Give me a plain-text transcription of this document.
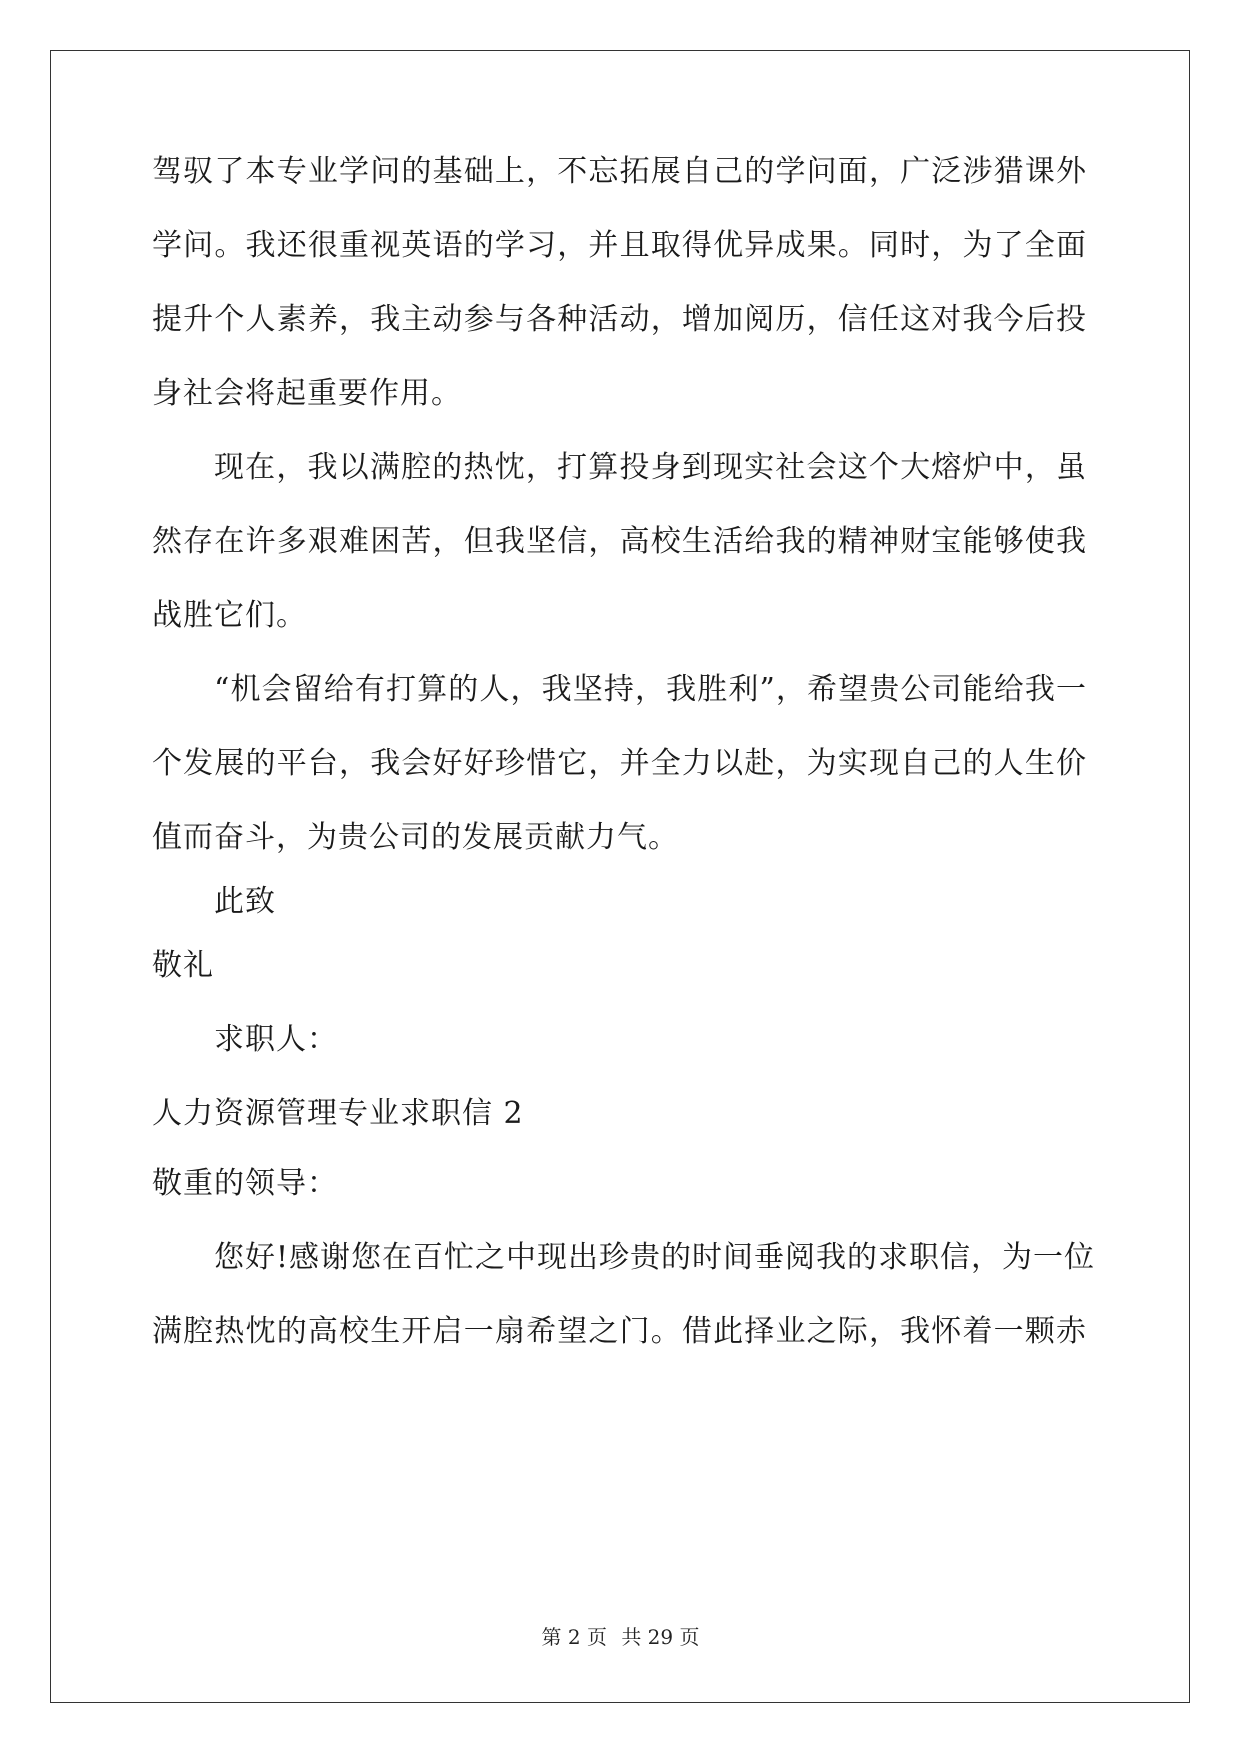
驾驭了本专业学问的基础上，不忘拓展自己的学问面，广泛涉猎课外
学问。我还很重视英语的学习，并且取得优异成果。同时，为了全面
提升个人素养，我主动参与各种活动，增加阅历，信任这对我今后投
身社会将起重要作用。
现在，我以满腔的热忱，打算投身到现实社会这个大熔炉中，虽
然存在许多艰难困苦，但我坚信，高校生活给我的精神财宝能够使我
战胜它们。
“机会留给有打算的人，我坚持，我胜利”，希望贵公司能给我一
个发展的平台，我会好好珍惜它，并全力以赴，为实现自己的人生价
值而奋斗，为贵公司的发展贡献力气。
此致
敬礼
求职人：
人力资源管理专业求职信 2
敬重的领导：
您好!感谢您在百忙之中现出珍贵的时间垂阅我的求职信，为一位
满腔热忱的高校生开启一扇希望之门。借此择业之际，我怀着一颗赤
第 2 页 共 29 页
